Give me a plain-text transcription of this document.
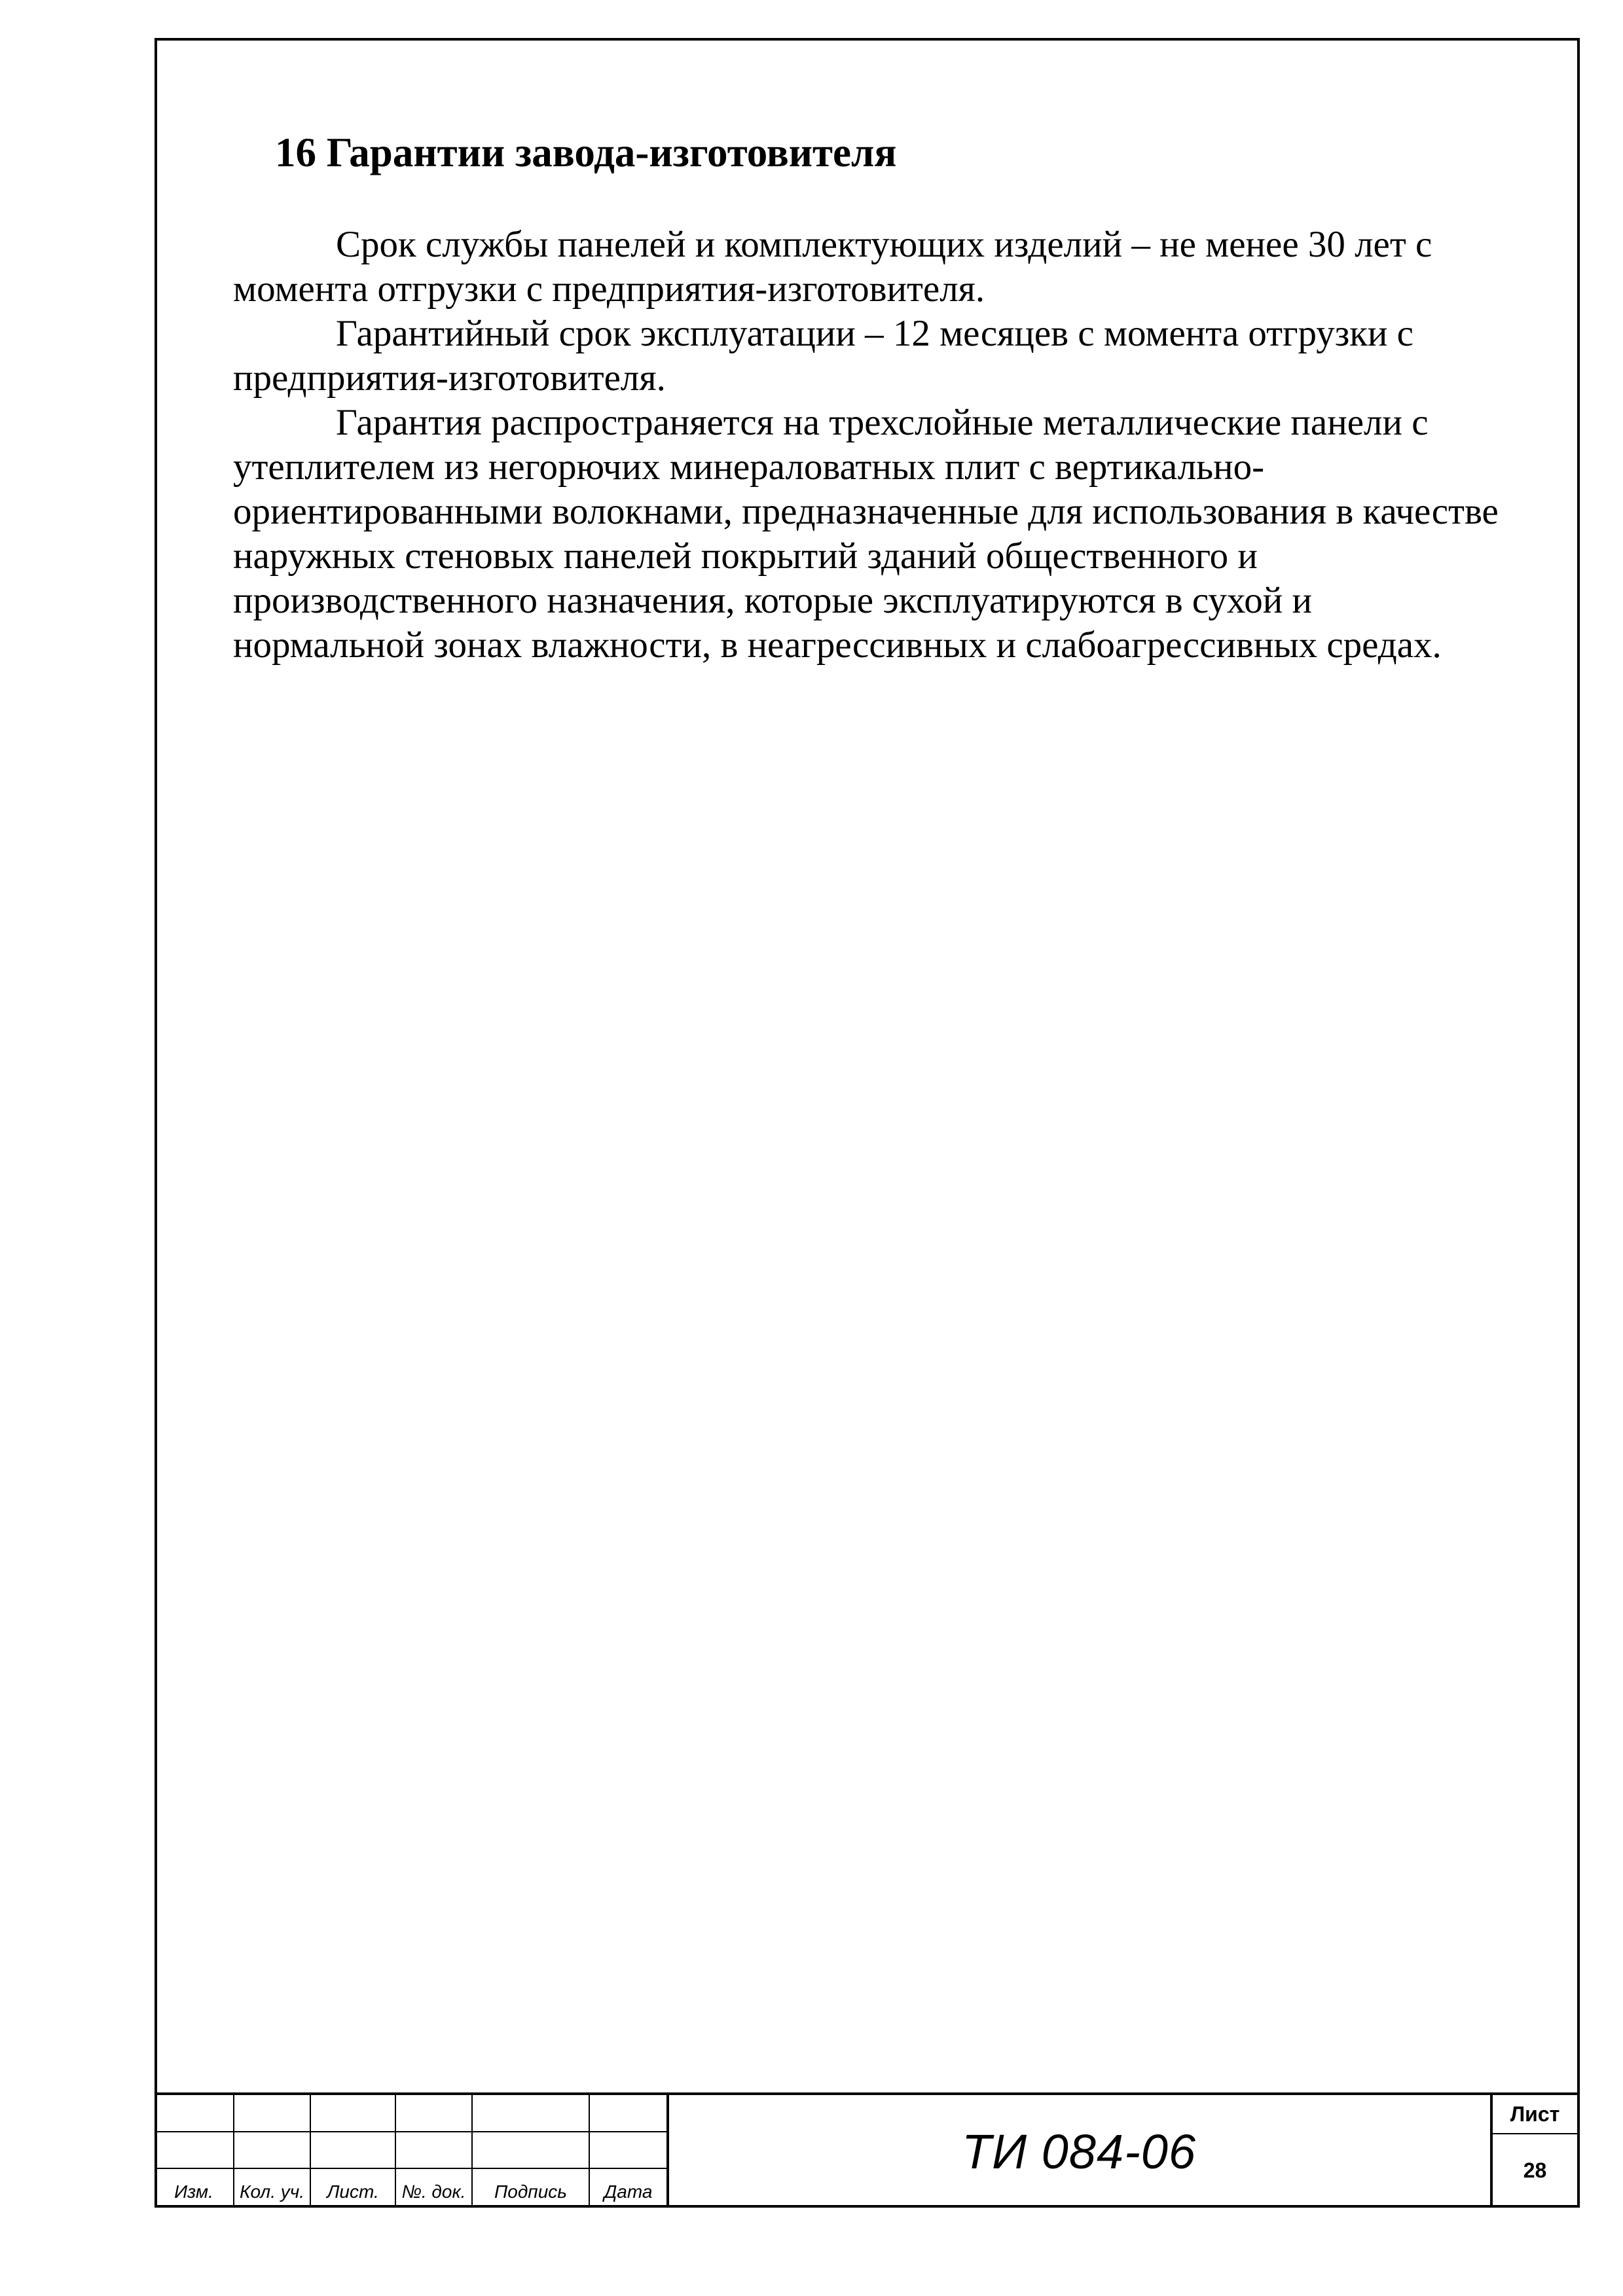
16 Гарантии завода-изготовителя

Срок службы панелей и комплектующих изделий – не менее 30 лет с
момента отгрузки с предприятия-изготовителя.

Гарантийный срок эксплуатации – 12 месяцев с момента отгрузки с
предприятия-изготовителя.

Гарантия распространяется на трехслойные металлические панели с
утеплителем из негорючих минераловатных плит с вертикально-
ориентированными волокнами, предназначенные для использования в качестве
наружных стеновых панелей покрытий зданий общественного и
производственного назначения, которые эксплуатируются в сухой и
нормальной зонах влажности, в неагрессивных и слабоагрессивных средах.

Изм.	Кол. уч.	Лист.	№. док.	Подпись	Дата
ТИ 084-06
Лист
28
